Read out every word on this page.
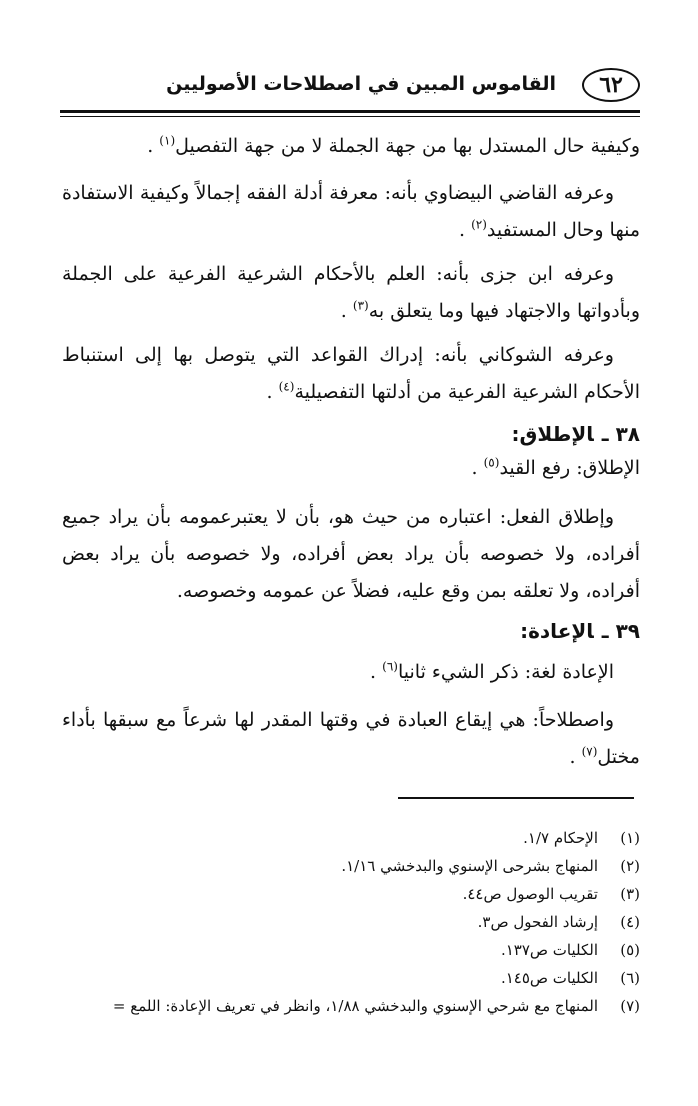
٦٢
القاموس المبين في اصطلاحات الأصوليين
وكيفية حال المستدل بها من جهة الجملة لا من جهة التفصيل$^{(١)}$ .
وعرفه القاضي البيضاوي بأنه: معرفة أدلة الفقه إجمالاً وكيفية الاستفادة منها وحال المستفيد$^{(٢)}$ .
وعرفه ابن جزى بأنه: العلم بالأحكام الشرعية الفرعية على الجملة وبأدواتها والاجتهاد فيها وما يتعلق به$^{(٣)}$ .
وعرفه الشوكاني بأنه: إدراك القواعد التي يتوصل بها إلى استنباط الأحكام الشرعية الفرعية من أدلتها التفصيلية$^{(٤)}$ .
٣٨ ـالإطلاق:
الإطلاق: رفع القيد$^{(٥)}$ .
وإطلاق الفعل: اعتباره من حيث هو، بأن لا يعتبرعمومه بأن يراد جميع أفراده، ولا خصوصه بأن يراد بعض أفراده، ولا خصوصه بأن يراد بعض أفراده، ولا تعلقه بمن وقع عليه، فضلاً عن عمومه وخصوصه.
٣٩ ـالإعادة:
الإعادة لغة: ذكر الشيء ثانيا$^{(٦)}$ .
واصطلاحاً: هي إيقاع العبادة في وقتها المقدر لها شرعاً مع سبقها بأداء مختل$^{(٧)}$ .
(١)الإحكام ١/٧.
(٢)المنهاج بشرحى الإسنوي والبدخشي ١/١٦.
(٣)تقريب الوصول ص٤٤.
(٤)إرشاد الفحول ص٣.
(٥)الكليات ص١٣٧.
(٦)الكليات ص١٤٥.
(٧)المنهاج مع شرحي الإسنوي والبدخشي ١/٨٨، وانظر في تعريف الإعادة: اللمع =
